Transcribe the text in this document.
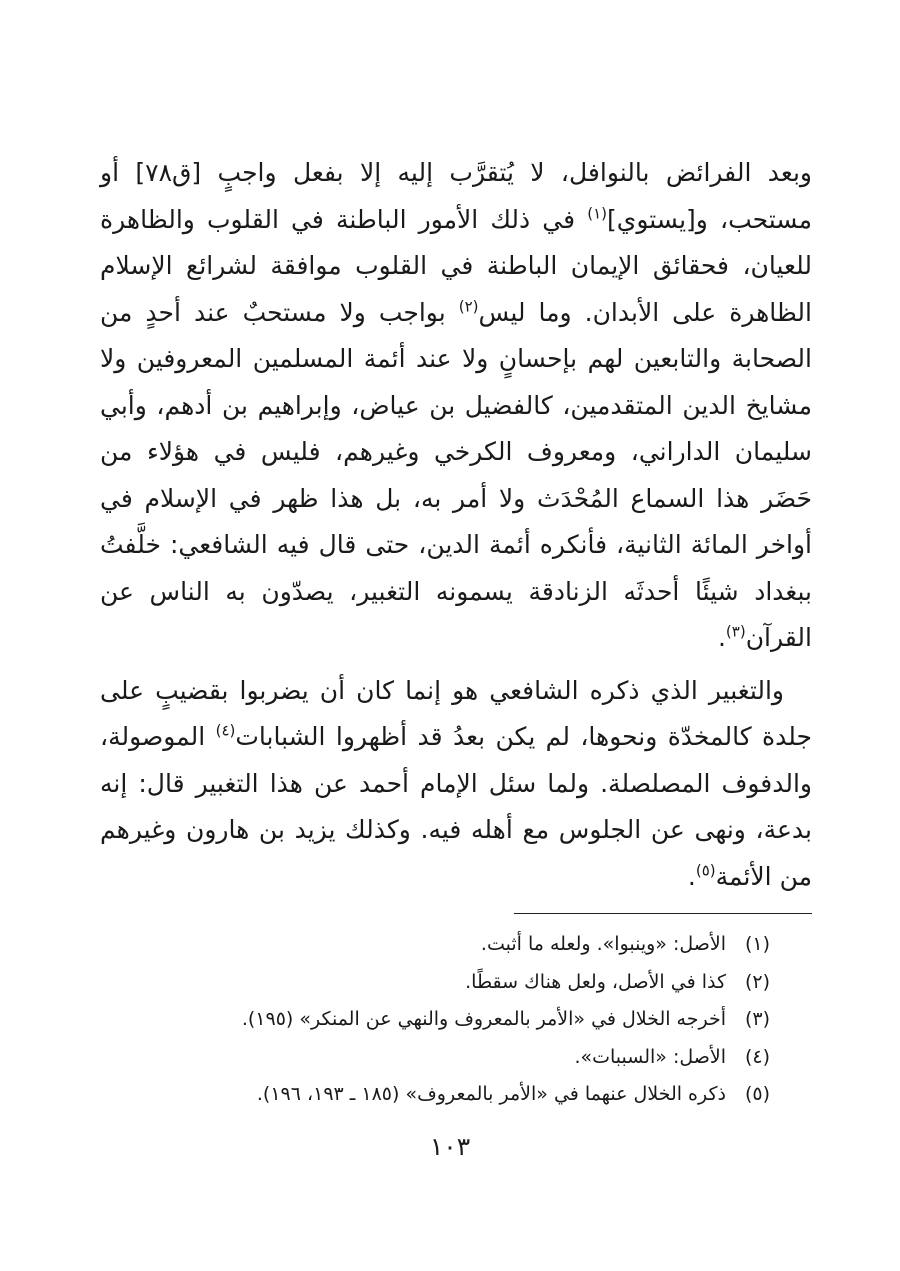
وبعد الفرائض بالنوافل، لا يُتقرَّب إليه إلا بفعل واجبٍ [ق٧٨] أو مستحب، و[يستوي]$^{(١)}$ في ذلك الأمور الباطنة في القلوب والظاهرة للعيان، فحقائق الإيمان الباطنة في القلوب موافقة لشرائع الإسلام الظاهرة على الأبدان. وما ليس$^{(٢)}$ بواجب ولا مستحبٌ عند أحدٍ من الصحابة والتابعين لهم بإحسانٍ ولا عند أئمة المسلمين المعروفين ولا مشايخ الدين المتقدمين، كالفضيل بن عياض، وإبراهيم بن أدهم، وأبي سليمان الداراني، ومعروف الكرخي وغيرهم، فليس في هؤلاء من حَضَر هذا السماع المُحْدَث ولا أمر به، بل هذا ظهر في الإسلام في أواخر المائة الثانية، فأنكره أئمة الدين، حتى قال فيه الشافعي: خلَّفتُ ببغداد شيئًا أحدثَه الزنادقة يسمونه التغبير، يصدّون به الناس عن القرآن$^{(٣)}$.

والتغبير الذي ذكره الشافعي هو إنما كان أن يضربوا بقضيبٍ على جلدة كالمخدّة ونحوها، لم يكن بعدُ قد أظهروا الشبابات$^{(٤)}$ الموصولة، والدفوف المصلصلة. ولما سئل الإمام أحمد عن هذا التغبير قال: إنه بدعة، ونهى عن الجلوس مع أهله فيه. وكذلك يزيد بن هارون وغيرهم من الأئمة$^{(٥)}$.

(١)
الأصل: «وينبوا». ولعله ما أثبت.
(٢)
كذا في الأصل، ولعل هناك سقطًا.
(٣)
أخرجه الخلال في «الأمر بالمعروف والنهي عن المنكر» (١٩٥).
(٤)
الأصل: «السببات».
(٥)
ذكره الخلال عنهما في «الأمر بالمعروف» (١٨٥ ـ ١٩٣، ١٩٦).
١٠٣
